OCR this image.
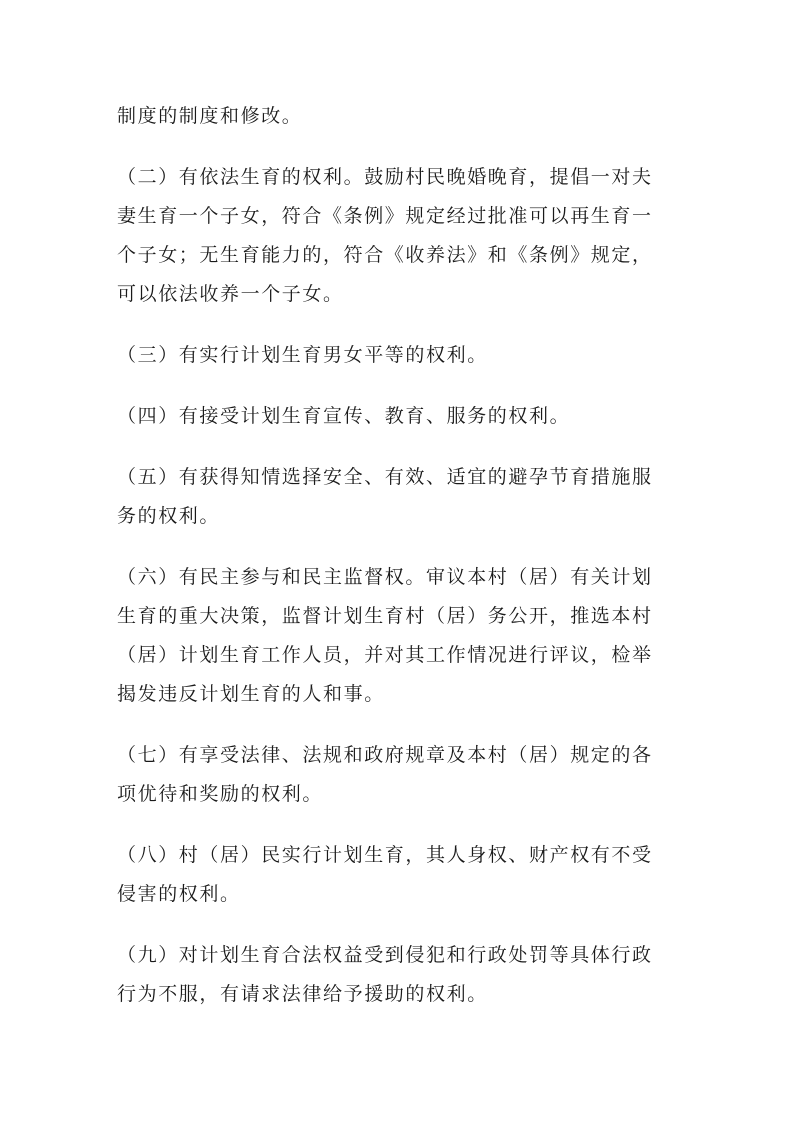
制度的制度和修改。

（二）有依法生育的权利。鼓励村民晚婚晚育，提倡一对夫
妻生育一个子女，符合《条例》规定经过批准可以再生育一
个子女；无生育能力的，符合《收养法》和《条例》规定，
可以依法收养一个子女。

（三）有实行计划生育男女平等的权利。

（四）有接受计划生育宣传、教育、服务的权利。

（五）有获得知情选择安全、有效、适宜的避孕节育措施服
务的权利。

（六）有民主参与和民主监督权。审议本村（居）有关计划
生育的重大决策，监督计划生育村（居）务公开，推选本村
（居）计划生育工作人员，并对其工作情况进行评议，检举
揭发违反计划生育的人和事。

（七）有享受法律、法规和政府规章及本村（居）规定的各
项优待和奖励的权利。

（八）村（居）民实行计划生育，其人身权、财产权有不受
侵害的权利。

（九）对计划生育合法权益受到侵犯和行政处罚等具体行政
行为不服，有请求法律给予援助的权利。
